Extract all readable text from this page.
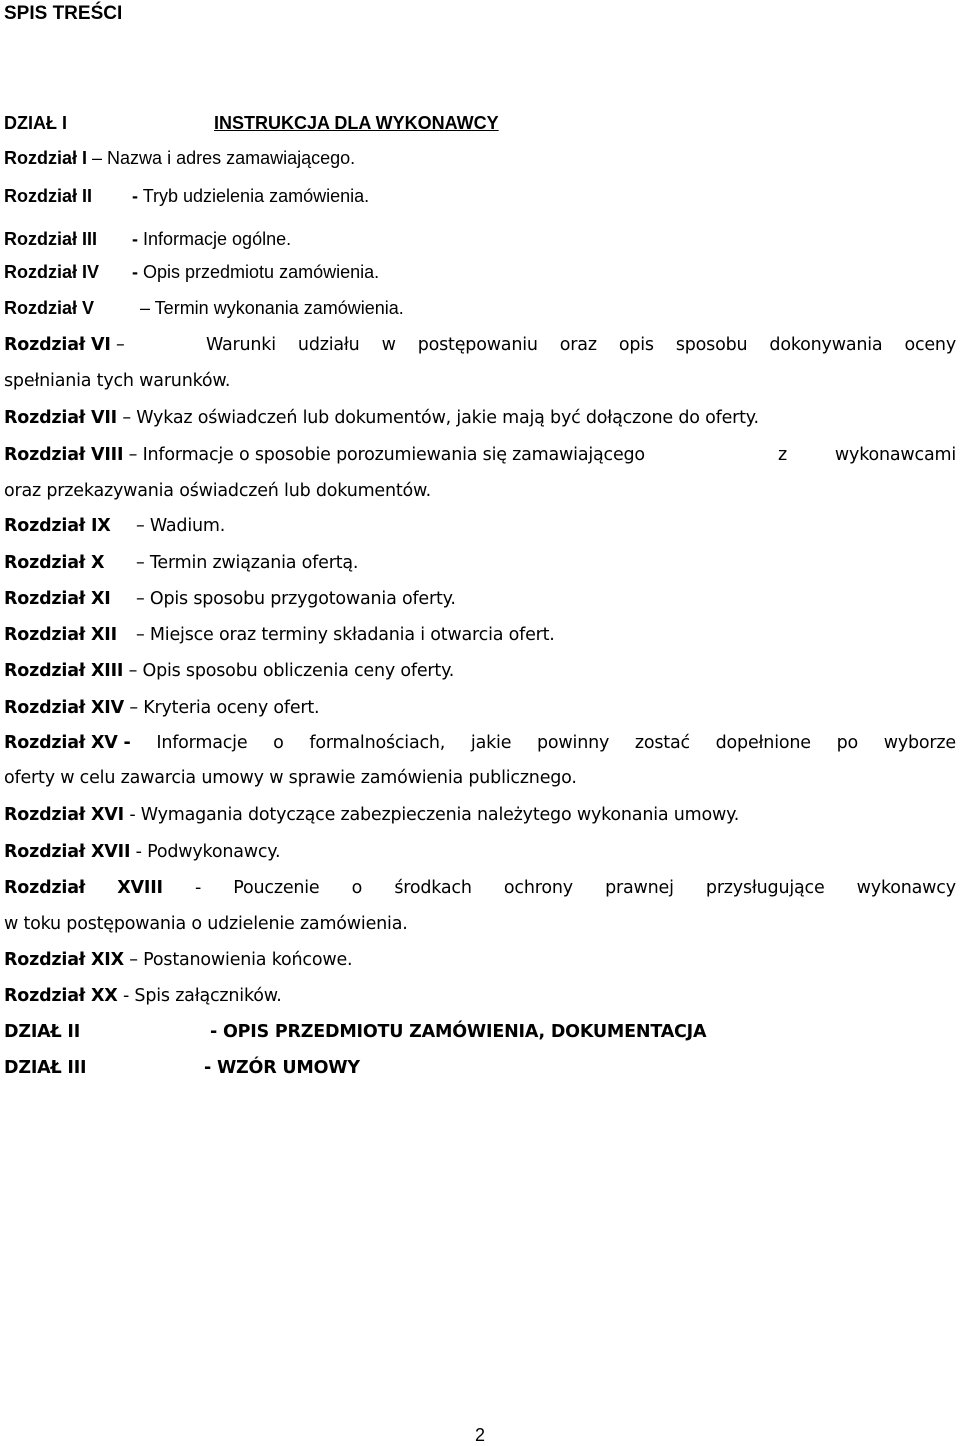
SPIS TREŚCI
DZIAŁ I	INSTRUKCJA DLA WYKONAWCY
Rozdział I – Nazwa i adres zamawiającego.
Rozdział II - Tryb udzielenia zamówienia.
Rozdział III - Informacje ogólne.
Rozdział IV - Opis przedmiotu zamówienia.
Rozdział V	– Termin wykonania zamówienia.
Rozdział VI –	Warunki udziału w postępowaniu oraz opis sposobu dokonywania oceny
spełniania tych warunków.
Rozdział VII – Wykaz oświadczeń lub dokumentów, jakie mają być dołączone do oferty.
Rozdział VIII – Informacje o sposobie porozumiewania się zamawiającego	z	wykonawcami
oraz przekazywania oświadczeń lub dokumentów.
Rozdział IX – Wadium.
Rozdział X – Termin związania ofertą.
Rozdział XI – Opis sposobu przygotowania oferty.
Rozdział XII – Miejsce oraz terminy składania i otwarcia ofert.
Rozdział XIII – Opis sposobu obliczenia ceny oferty.
Rozdział XIV – Kryteria oceny ofert.
Rozdział XV - Informacje o formalnościach, jakie powinny zostać dopełnione po wyborze
oferty w celu zawarcia umowy w sprawie zamówienia publicznego.
Rozdział XVI - Wymagania dotyczące zabezpieczenia należytego wykonania umowy.
Rozdział XVII - Podwykonawcy.
Rozdział XVIII - Pouczenie o środkach ochrony prawnej przysługujące wykonawcy
w toku postępowania o udzielenie zamówienia.
Rozdział XIX – Postanowienia końcowe.
Rozdział XX - Spis załączników.
DZIAŁ II	- OPIS PRZEDMIOTU ZAMÓWIENIA, DOKUMENTACJA
DZIAŁ III	- WZÓR UMOWY
2
